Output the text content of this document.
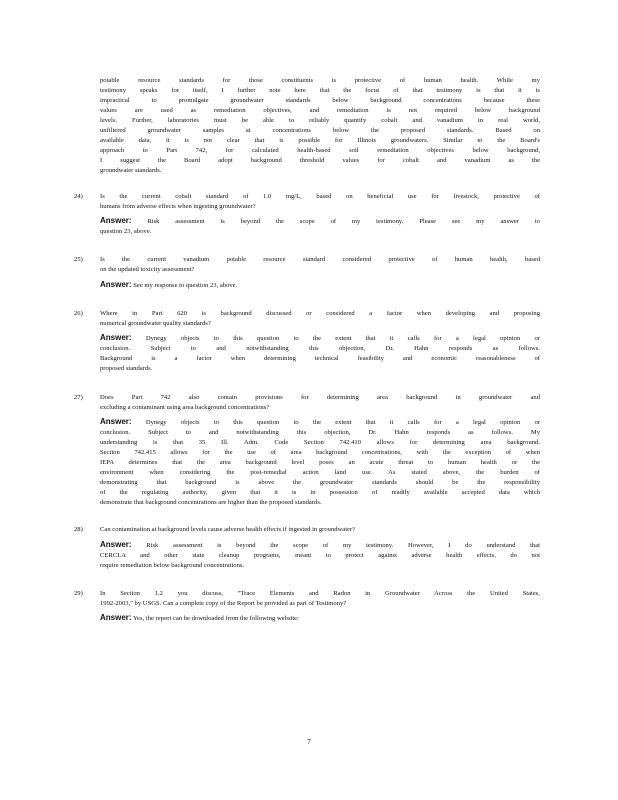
potable resource standards for those constituents is protective of human health. While my
testimony speaks for itself, I further note here that the focus of that testimony is that it is
impractical to promulgate groundwater standards below background concentrations because these
values are used as remediation objectives, and remediation is not required below background
levels. Further, laboratories must be able to reliably quantify cobalt and vanadium in real world,
unfiltered groundwater samples at concentrations below the proposed standards. Based on
available data, it is not clear that is possible for Illinois groundwaters. Similar to the Board's
approach to Part 742, for calculated health-based soil remediation objectives below background,
I suggest the Board adopt background threshold values for cobalt and vanadium as the
groundwater standards.
24)	Is the current cobalt standard of 1.0 mg/L, based on beneficial use for livestock, protective of
humans from adverse effects when ingesting groundwater?
Answer: Risk assessment is beyond the scope of my testimony. Please see my answer to
question 23, above.
25)	Is the current vanadium potable resource standard considered protective of human health, based
on the updated toxicity assessment?
Answer: See my response to question 23, above.
26)	Where in Part 620 is background discussed or considered a factor when developing and proposing
numerical groundwater quality standards?
Answer: Dynegy objects to this question to the extent that it calls for a legal opinion or
conclusion. Subject to and notwithstanding this objection, Dr. Hahn responds as follows.
Background is a factor when determining technical feasibility and economic reasonableness of
proposed standards.
27)	Does Part 742 also contain provisions for determining area background in groundwater and
excluding a contaminant using area background concentrations?
Answer: Dynegy objects to this question to the extent that it calls for a legal opinion or
conclusion. Subject to and notwithstanding this objection, Dr. Hahn responds as follows. My
understanding is that 35 Ill. Adm. Code Section 742.410 allows for determining area background.
Section 742.415 allows for the use of area background concentrations, with the exception of when
IEPA determines that the area background level poses an acute threat to human health or the
environment when considering the post-remedial action land use. As stated above, the burden of
demonstrating that background is above the groundwater standards should be the responsibility
of the regulating authority, given that it is in possession of readily available accepted data which
demonstrate that background concentrations are higher than the proposed standards.
28)	Can contamination at background levels cause adverse health effects if ingested in groundwater?
Answer: Risk assessment is beyond the scope of my testimony. However, I do understand that
CERCLA and other state cleanup programs, meant to protect against adverse health effects, do not
require remediation below background concentrations.
29)	In Section 1.2 you discuss, "Trace Elements and Radon in Groundwater Across the United States,
1992-2003," by USGS. Can a complete copy of the Report be provided as part of Testimony?
Answer: Yes, the report can be downloaded from the following website:
7
